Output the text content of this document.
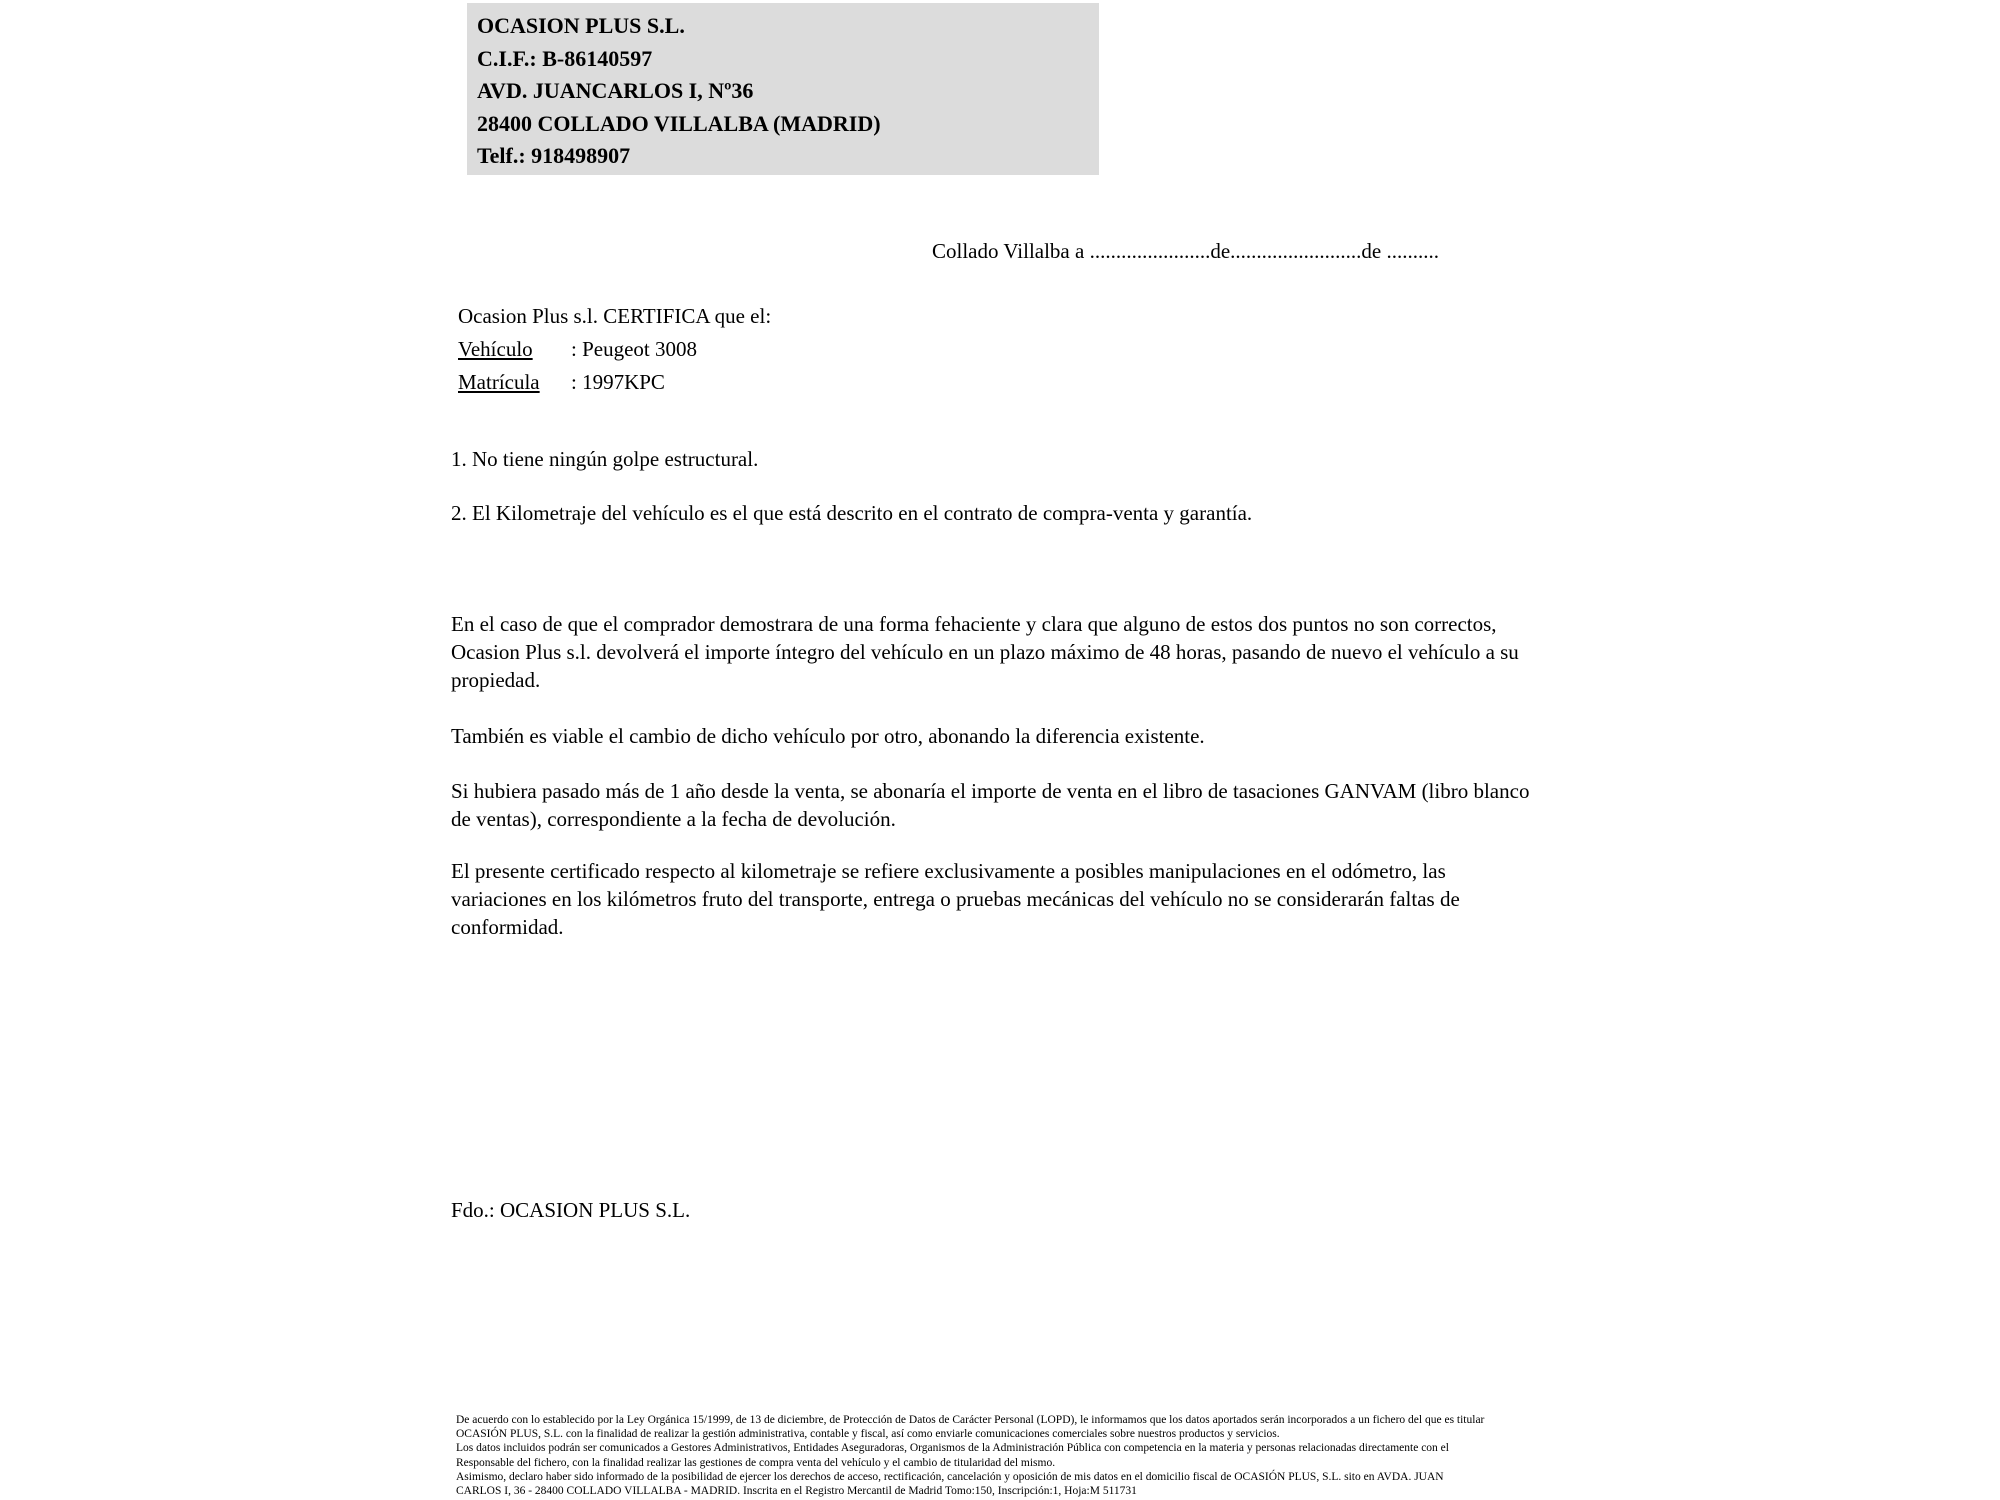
OCASION PLUS S.L.
C.I.F.: B-86140597
AVD. JUANCARLOS I, Nº36
28400 COLLADO VILLALBA (MADRID)
Telf.: 918498907
Collado Villalba a .......................de.........................de ..........
Ocasion Plus s.l. CERTIFICA que el:
Vehículo : Peugeot 3008
Matrícula : 1997KPC
1. No tiene ningún golpe estructural.
2. El Kilometraje del vehículo es el que está descrito en el contrato de compra-venta y garantía.

En el caso de que el comprador demostrara de una forma fehaciente y clara que alguno de estos dos puntos no son correctos, Ocasion Plus s.l. devolverá el importe íntegro del vehículo en un plazo máximo de 48 horas, pasando de nuevo el vehículo a su propiedad.

También es viable el cambio de dicho vehículo por otro, abonando la diferencia existente.

Si hubiera pasado más de 1 año desde la venta, se abonaría el importe de venta en el libro de tasaciones GANVAM (libro blanco de ventas), correspondiente a la fecha de devolución.

El presente certificado respecto al kilometraje se refiere exclusivamente a posibles manipulaciones en el odómetro, las variaciones en los kilómetros fruto del transporte, entrega o pruebas mecánicas del vehículo no se considerarán faltas de conformidad.

Fdo.: OCASION PLUS S.L.
De acuerdo con lo establecido por la Ley Orgánica 15/1999, de 13 de diciembre, de Protección de Datos de Carácter Personal (LOPD), le informamos que los datos aportados serán incorporados a un fichero del que es titular
OCASIÓN PLUS, S.L. con la finalidad de realizar la gestión administrativa, contable y fiscal, así como enviarle comunicaciones comerciales sobre nuestros productos y servicios.
Los datos incluidos podrán ser comunicados a Gestores Administrativos, Entidades Aseguradoras, Organismos de la Administración Pública con competencia en la materia y personas relacionadas directamente con el
Responsable del fichero, con la finalidad realizar las gestiones de compra venta del vehículo y el cambio de titularidad del mismo.
Asimismo, declaro haber sido informado de la posibilidad de ejercer los derechos de acceso, rectificación, cancelación y oposición de mis datos en el domicilio fiscal de OCASIÓN PLUS, S.L. sito en AVDA. JUAN
CARLOS I, 36 - 28400 COLLADO VILLALBA - MADRID. Inscrita en el Registro Mercantil de Madrid Tomo:150, Inscripción:1, Hoja:M 511731
